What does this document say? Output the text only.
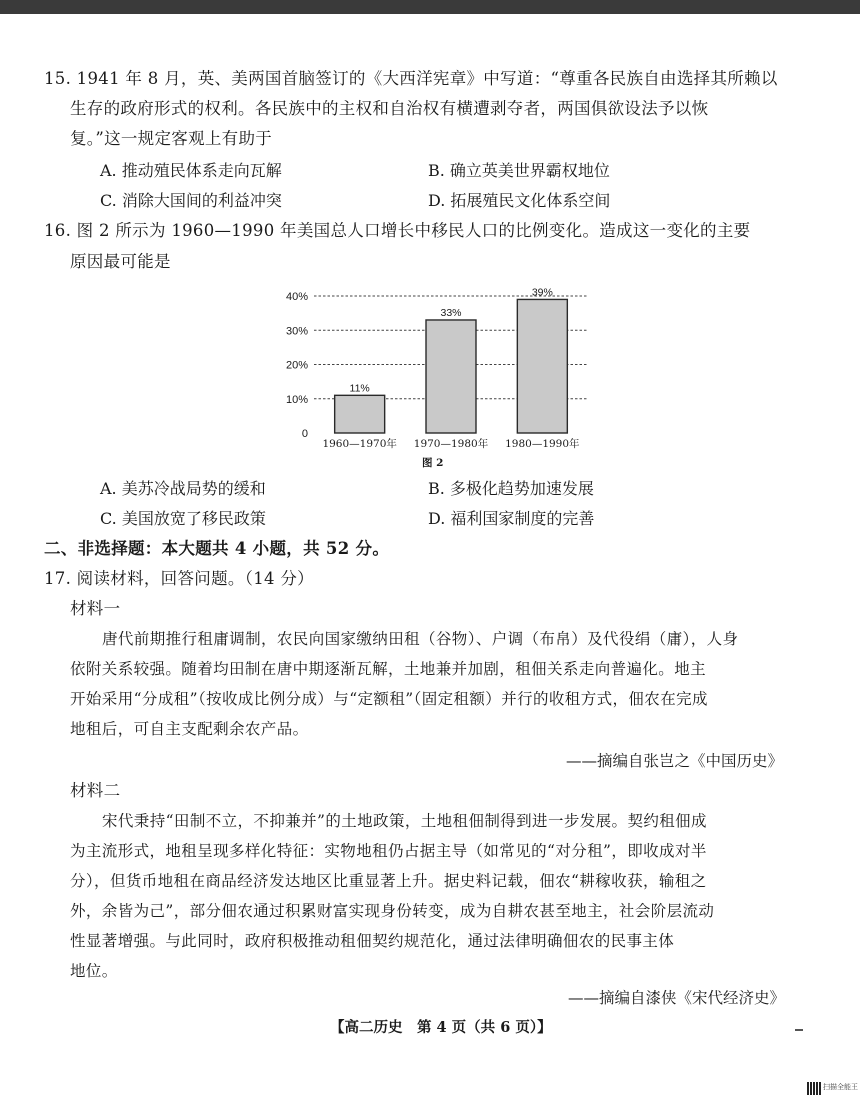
15. 1941 年 8 月，英、美两国首脑签订的《大西洋宪章》中写道：“尊重各民族自由选择其所赖以
生存的政府形式的权利。各民族中的主权和自治权有横遭剥夺者，两国俱欲设法予以恢
复。”这一规定客观上有助于
A. 推动殖民体系走向瓦解	B. 确立英美世界霸权地位
C. 消除大国间的利益冲突	D. 拓展殖民文化体系空间
16. 图 2 所示为 1960—1990 年美国总人口增长中移民人口的比例变化。造成这一变化的主要
原因最可能是
0
10%
20%
30%
40%
11%
1960—1970年
33%
1970—1980年
39%
1980—1990年
图 2
A. 美苏冷战局势的缓和	B. 多极化趋势加速发展
C. 美国放宽了移民政策	D. 福利国家制度的完善
二、非选择题：本大题共 4 小题，共 52 分。
17. 阅读材料，回答问题。（14 分）
材料一
唐代前期推行租庸调制，农民向国家缴纳田租（谷物）、户调（布帛）及代役绢（庸），人身
依附关系较强。随着均田制在唐中期逐渐瓦解，土地兼并加剧，租佃关系走向普遍化。地主
开始采用“分成租”（按收成比例分成）与“定额租”（固定租额）并行的收租方式，佃农在完成
地租后，可自主支配剩余农产品。
——摘编自张岂之《中国历史》
材料二
宋代秉持“田制不立，不抑兼并”的土地政策，土地租佃制得到进一步发展。契约租佃成
为主流形式，地租呈现多样化特征：实物地租仍占据主导（如常见的“对分租”，即收成对半
分），但货币地租在商品经济发达地区比重显著上升。据史料记载，佃农“耕稼收获，输租之
外，余皆为己”，部分佃农通过积累财富实现身份转变，成为自耕农甚至地主，社会阶层流动
性显著增强。与此同时，政府积极推动租佃契约规范化，通过法律明确佃农的民事主体
地位。
——摘编自漆侠《宋代经济史》
【高二历史　第 4 页（共 6 页）】
扫描全能王
